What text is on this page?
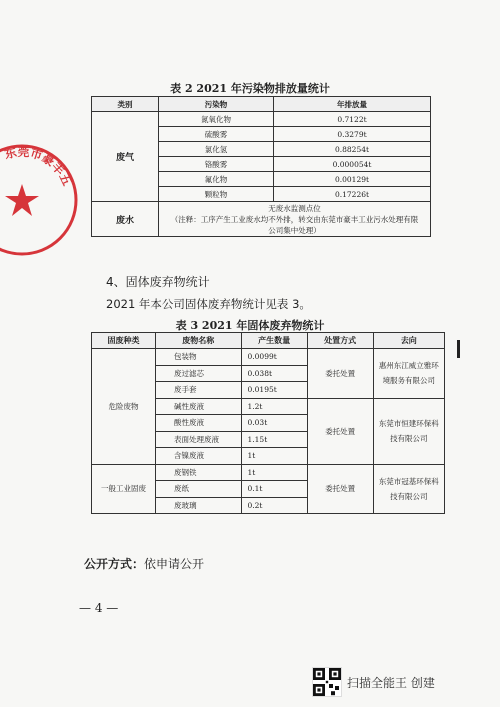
表 2 2021 年污染物排放量统计
类别	污染物	年排放量
废气	氮氧化物	0.7122t
	硫酸雾	0.3279t
	氯化氢	0.88254t
	铬酸雾	0.000054t
	氟化物	0.00129t
	颗粒物	0.17226t
废水	无废水监测点位
（注释：工序产生工业废水均不外排，转交由东莞市豪丰工业污水处理有限
公司集中处理）	
4、固体废弃物统计
2021 年本公司固体废弃物统计见表 3。
表 3 2021 年固体废弃物统计
固废种类	废物名称	产生数量	处置方式	去向
危险废物	包装物	0.0099t	委托处置	惠州东江威立雅环境服务有限公司
	废过滤芯	0.038t		
	废手套	0.0195t		
	碱性废液	1.2t	委托处置	东莞市恒建环保科技有限公司
	酸性废液	0.03t		
	表面处理废液	1.15t		
	含镍废液	1t		
一般工业固废	废钢铁	1t	委托处置	东莞市冠基环保科技有限公司
	废纸	0.1t		
	废玻璃	0.2t		
公开方式：依申请公开
— 4 —
东莞市豪丰五
扫描全能王 创建
